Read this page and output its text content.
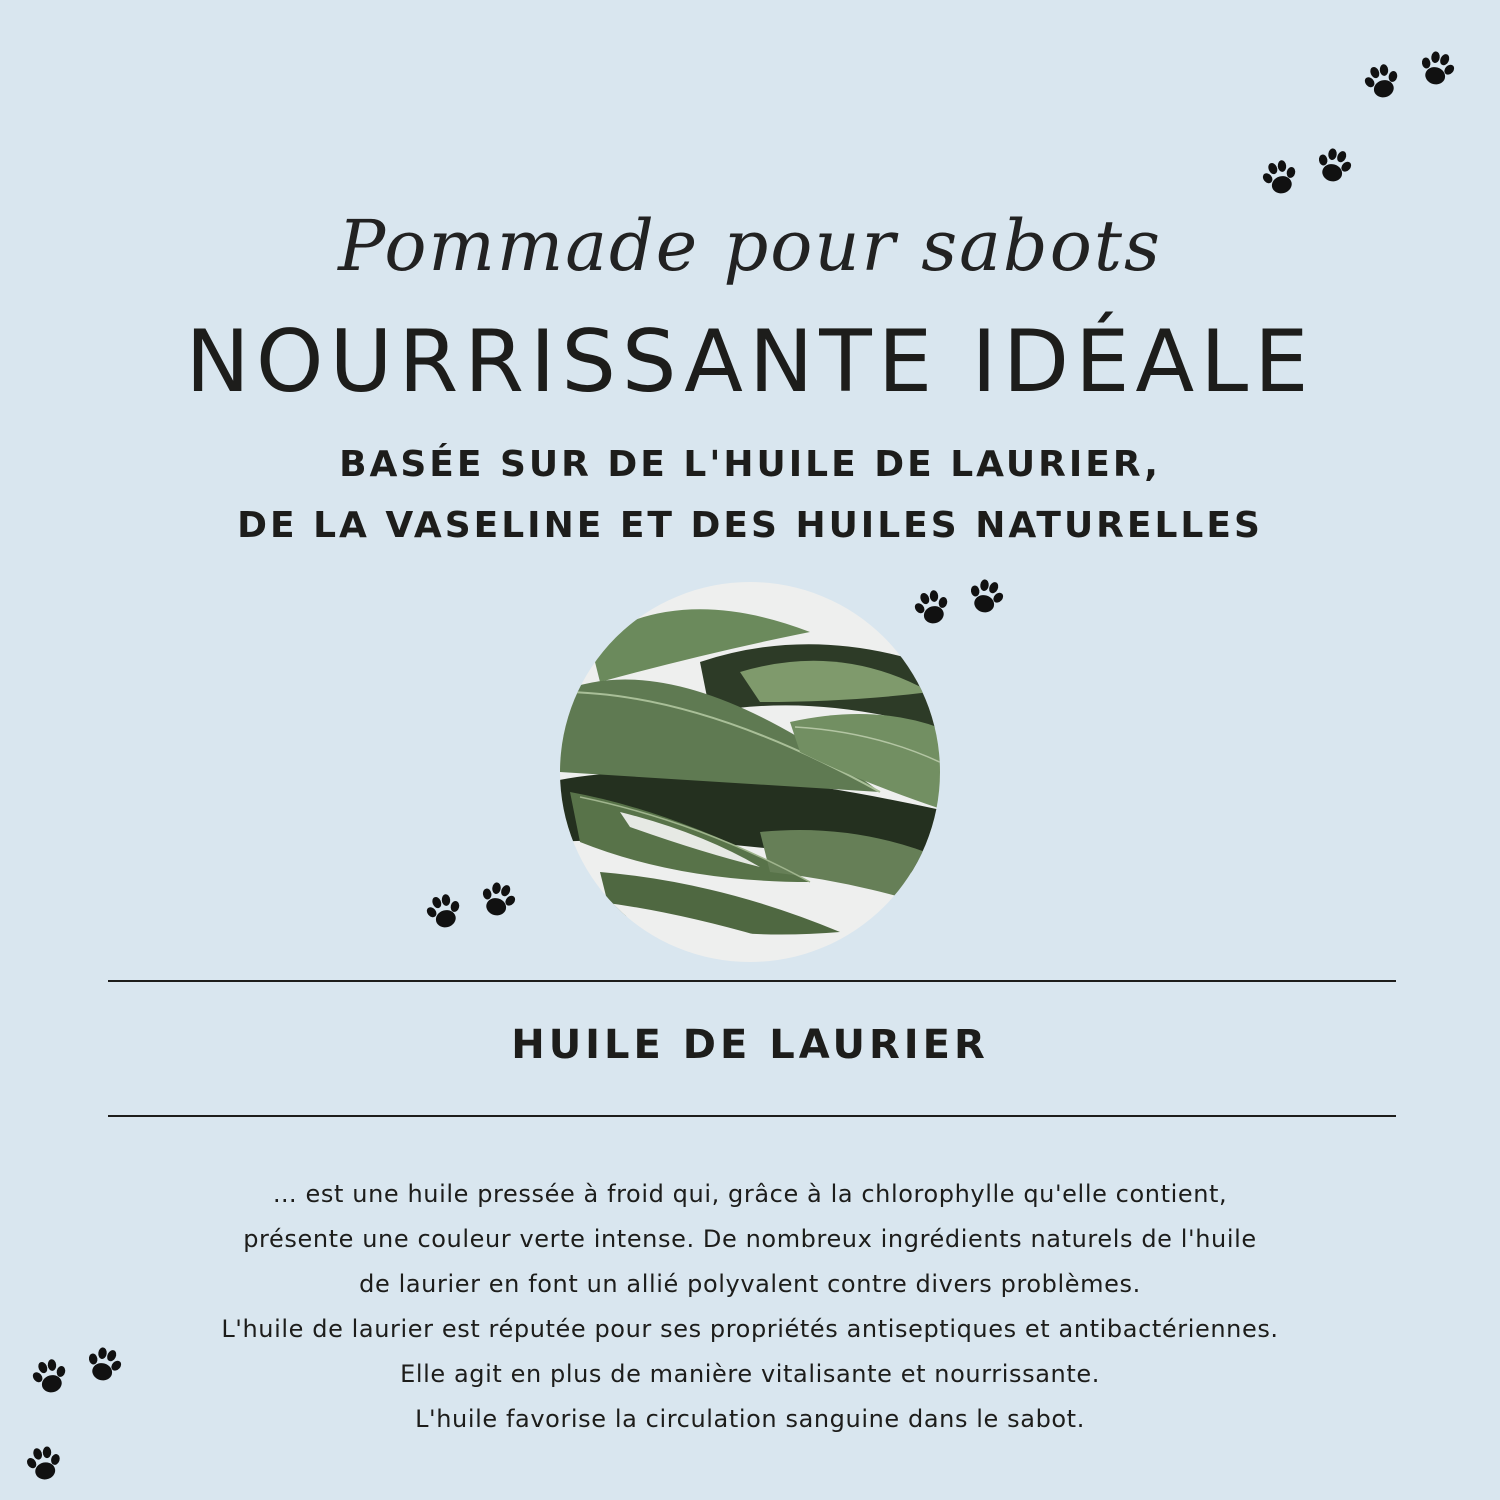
Pommade pour sabots
NOURRISSANTE IDÉALE
BASÉE SUR DE L'HUILE DE LAURIER,
DE LA VASELINE ET DES HUILES NATURELLES
HUILE DE LAURIER
… est une huile pressée à froid qui, grâce à la chlorophylle qu'elle contient,
présente une couleur verte intense. De nombreux ingrédients naturels de l'huile
de laurier en font un allié polyvalent contre divers problèmes.
L'huile de laurier est réputée pour ses propriétés antiseptiques et antibactériennes.
Elle agit en plus de manière vitalisante et nourrissante.
L'huile favorise la circulation sanguine dans le sabot.
